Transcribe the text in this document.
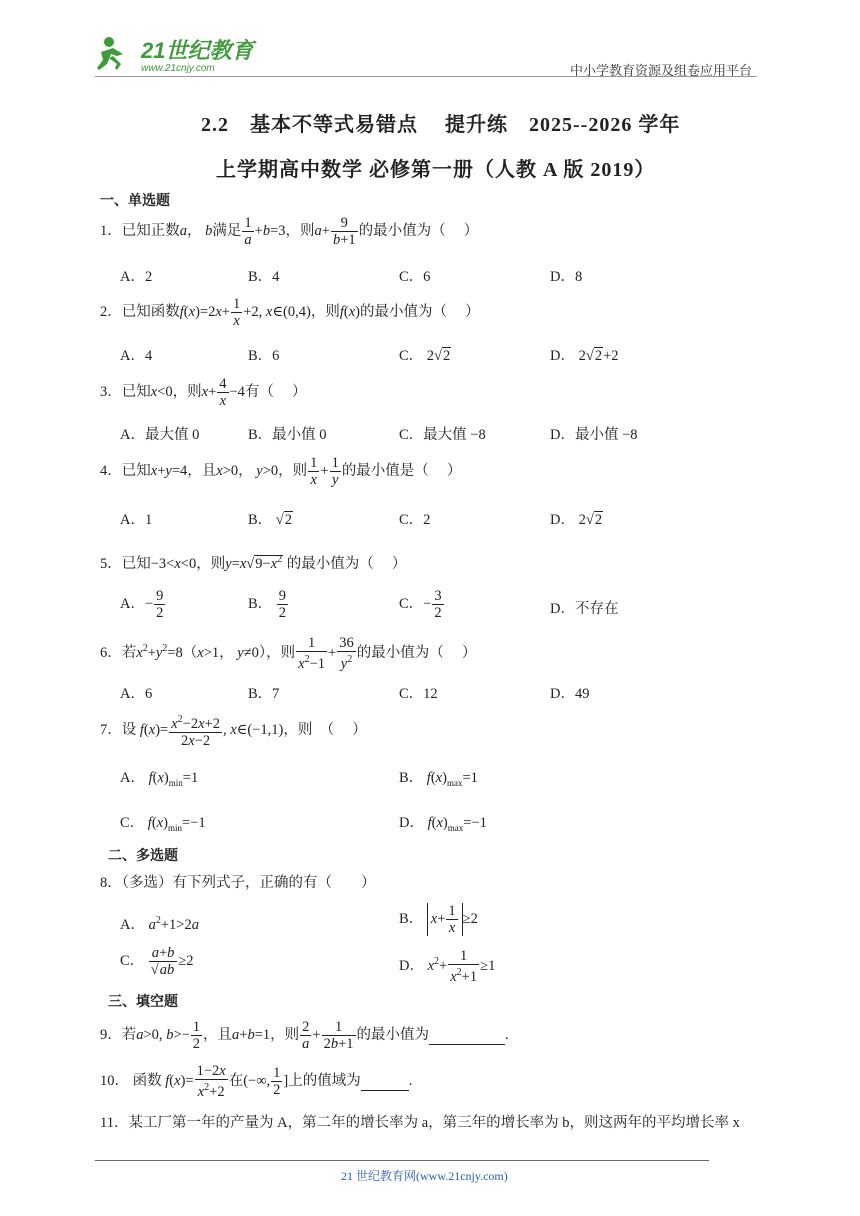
21世纪教育
www.21cnjy.com	中小学教育资源及组卷应用平台
2.2　基本不等式易错点　 提升练　2025--2026 学年
上学期高中数学 必修第一册（人教 A 版 2019）
一、单选题
1．已知正数a， b满足 $\frac{1}{a} +b=3$，则$a+ \frac{9}{b+1}$ 的最小值为（　 ）
A．2	B．4	C．6	D．8
2．已知函数$f(x)=2x+ \frac{1}{x} +2$, x∈(0,4)，则f(x)的最小值为（　 ）
A．4	B．6	C． 2√2	D． 2√2+2
3．已知x<0，则$x+ \frac{4}{x} -4$有（　 ）
A．最大值 0	B．最小值 0	C．最大值 −8	D．最小值 −8
4．已知x+y=4，且x>0， y>0，则 $\frac{1}{x} + \frac{1}{y}$ 的最小值是（　 ）
A．1	B． √2	C．2	D． 2√2
5．已知−3<x<0，则$y=x√9-x^2$ 的最小值为（　 ）
A．− $\frac{9}{2}$	B． $\frac{9}{2}$	C．− $\frac{3}{2}$	D．不存在
6．若$x^2+y^2=8(x>1$， y≠0），则 $\frac{1}{x^2-1} + \frac{36}{y^2}$ 的最小值为（　 ）
A．6	B．7	C．12	D．49
7．设 $f(x)= \frac{x^2-2x+2}{2x-2}$ , x∈(−1,1)，则　（　 ）
A． $f(x)_{min}=1$	B． $f(x)_{max}=1$
C． $f(x)_{min}=-1$	D． $f(x)_{max}=-1$
二、多选题
8．（多选）有下列式子，正确的有（　　）
A． $a^2+1>2a$	B． $x+ \frac{1}{x} \ge 2$
C． $\frac{a+b}{√ab} \ge 2$	D． $x^2+ \frac{1}{x^2+1} \ge 1$
三、填空题
9．若a>0, $b>- \frac{1}{2}$ ，且a+b=1，则 $\frac{2}{a} + \frac{1}{2b+1}$ 的最小值为	.
10． 函数 $f(x)= \frac{1-2x}{x^2+2}$ 在(−∞, $\frac{1}{2}$ ]上的值域为	.
11．某工厂第一年的产量为 A，第二年的增长率为 a，第三年的增长率为 b，则这两年的平均增长率 x
21 世纪教育网(www.21cnjy.com)
